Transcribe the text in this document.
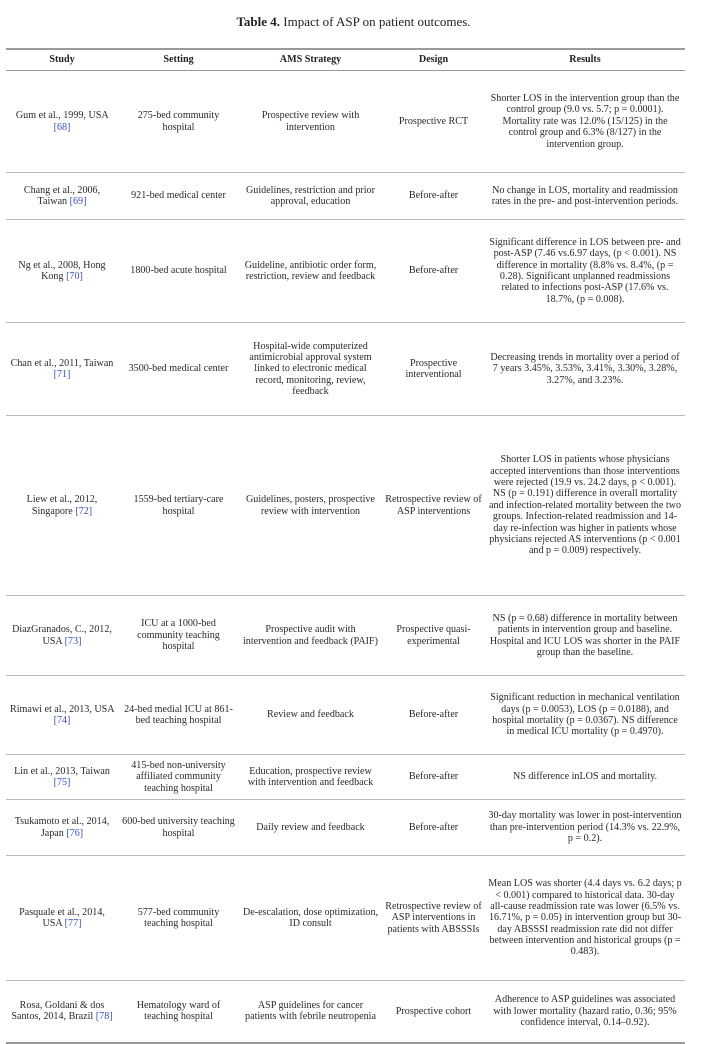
Table 4. Impact of ASP on patient outcomes.
Study	Setting	AMS Strategy	Design	Results
Gum et al., 1999, USA [68]	275-bed community hospital	Prospective review with intervention	Prospective RCT	Shorter LOS in the intervention group than the control group (9.0 vs. 5.7; p = 0.0001). Mortality rate was 12.0% (15/125) in the control group and 6.3% (8/127) in the intervention group.
Chang et al., 2006, Taiwan [69]	921-bed medical center	Guidelines, restriction and prior approval, education	Before-after	No change in LOS, mortality and readmission rates in the pre- and post-intervention periods.
Ng et al., 2008, Hong Kong [70]	1800-bed acute hospital	Guideline, antibiotic order form, restriction, review and feedback	Before-after	Significant difference in LOS between pre- and post-ASP (7.46 vs.6.97 days, (p < 0.001). NS difference in mortality (8.8% vs. 8.4%, (p = 0.28). Significant unplanned readmissions related to infections post-ASP (17.6% vs. 18.7%, (p = 0.008).
Chan et al., 2011, Taiwan [71]	3500-bed medical center	Hospital-wide computerized antimicrobial approval system linked to electronic medical record, monitoring, review, feedback	Prospective interventional	Decreasing trends in mortality over a period of 7 years 3.45%, 3.53%, 3.41%, 3.30%, 3.28%, 3.27%, and 3.23%.
Liew et al., 2012, Singapore [72]	1559-bed tertiary-care hospital	Guidelines, posters, prospective review with intervention	Retrospective review of ASP interventions	Shorter LOS in patients whose physicians accepted interventions than those interventions were rejected (19.9 vs. 24.2 days, p < 0.001). NS (p = 0.191) difference in overall mortality and infection-related mortality between the two groups. Infection-related readmission and 14-day re-infection was higher in patients whose physicians rejected AS interventions (p < 0.001 and p = 0.009) respectively.
DiazGranados, C., 2012, USA [73]	ICU at a 1000-bed community teaching hospital	Prospective audit with intervention and feedback (PAIF)	Prospective quasi-experimental	NS (p = 0.68) difference in mortality between patients in intervention group and baseline. Hospital and ICU LOS was shorter in the PAIF group than the baseline.
Rimawi et al., 2013, USA [74]	24-bed medial ICU at 861-bed teaching hospital	Review and feedback	Before-after	Significant reduction in mechanical ventilation days (p = 0.0053), LOS (p = 0.0188), and hospital mortality (p = 0.0367). NS difference in medical ICU mortality (p = 0.4970).
Lin et al., 2013, Taiwan [75]	415-bed non-university affiliated community teaching hospital	Education, prospective review with intervention and feedback	Before-after	NS difference inLOS and mortality.
Tsukamoto et al., 2014, Japan [76]	600-bed university teaching hospital	Daily review and feedback	Before-after	30-day mortality was lower in post-intervention than pre-intervention period (14.3% vs. 22.9%, p = 0.2).
Pasquale et al., 2014, USA [77]	577-bed community teaching hospital	De-escalation, dose optimization, ID consult	Retrospective review of ASP interventions in patients with ABSSSIs	Mean LOS was shorter (4.4 days vs. 6.2 days; p < 0.001) compared to historical data. 30-day all-cause readmission rate was lower (6.5% vs. 16.71%, p = 0.05) in intervention group but 30-day ABSSSI readmission rate did not differ between intervention and historical groups (p = 0.483).
Rosa, Goldani & dos Santos, 2014, Brazil [78]	Hematology ward of teaching hospital	ASP guidelines for cancer patients with febrile neutropenia	Prospective cohort	Adherence to ASP guidelines was associated with lower mortality (hazard ratio, 0.36; 95% confidence interval, 0.14–0.92).
